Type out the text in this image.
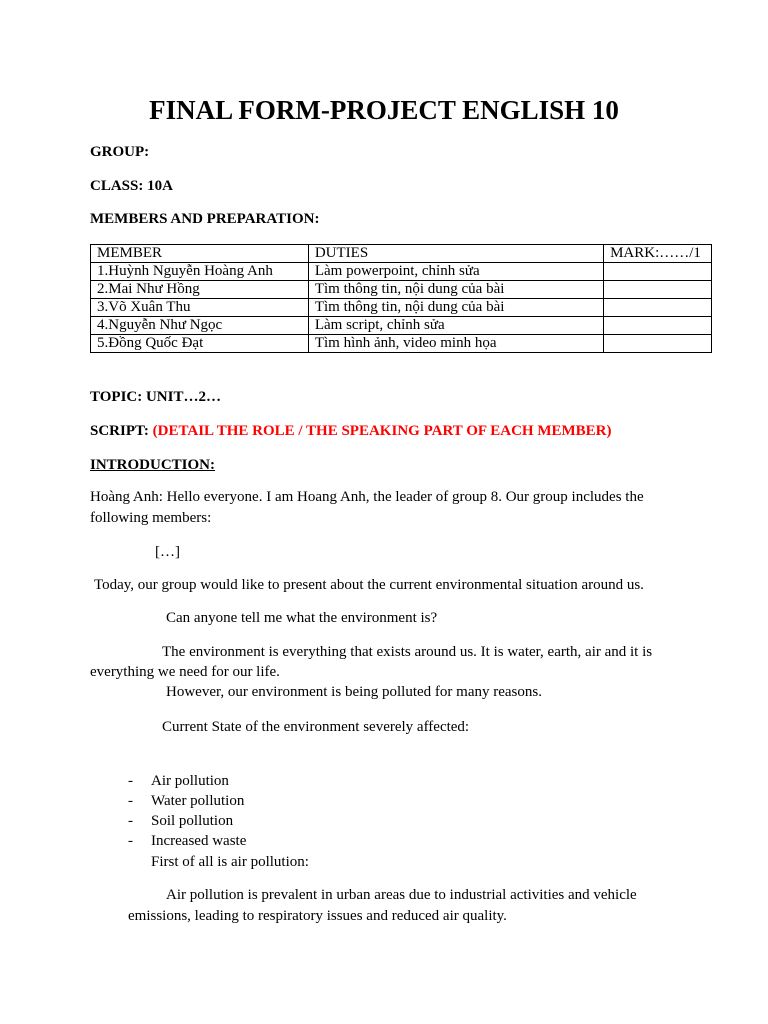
FINAL FORM-PROJECT ENGLISH 10
GROUP:
CLASS: 10A
MEMBERS AND PREPARATION:
MEMBER	DUTIES	MARK:……/1
1.Huỳnh Nguyễn Hoàng Anh	Làm powerpoint, chỉnh sửa	
2.Mai Như Hồng	Tìm thông tin, nội dung của bài	
3.Võ Xuân Thu	Tìm thông tin, nội dung của bài	
4.Nguyễn Như Ngọc	Làm script, chỉnh sửa	
5.Đồng Quốc Đạt	Tìm hình ảnh, video minh họa	
TOPIC: UNIT…2…
SCRIPT: (DETAIL THE ROLE / THE SPEAKING PART OF EACH MEMBER)
INTRODUCTION:
Hoàng Anh: Hello everyone. I am Hoang Anh, the leader of group 8. Our group includes the
following members:
[…]
Today, our group would like to present about the current environmental situation around us.
Can anyone tell me what the environment is?
The environment is everything that exists around us. It is water, earth, air and it is
everything we need for our life.
However, our environment is being polluted for many reasons.
Current State of the environment severely affected:
- Air pollution
- Water pollution
- Soil pollution
- Increased waste
First of all is air pollution:
Air pollution is prevalent in urban areas due to industrial activities and vehicle
emissions, leading to respiratory issues and reduced air quality.
